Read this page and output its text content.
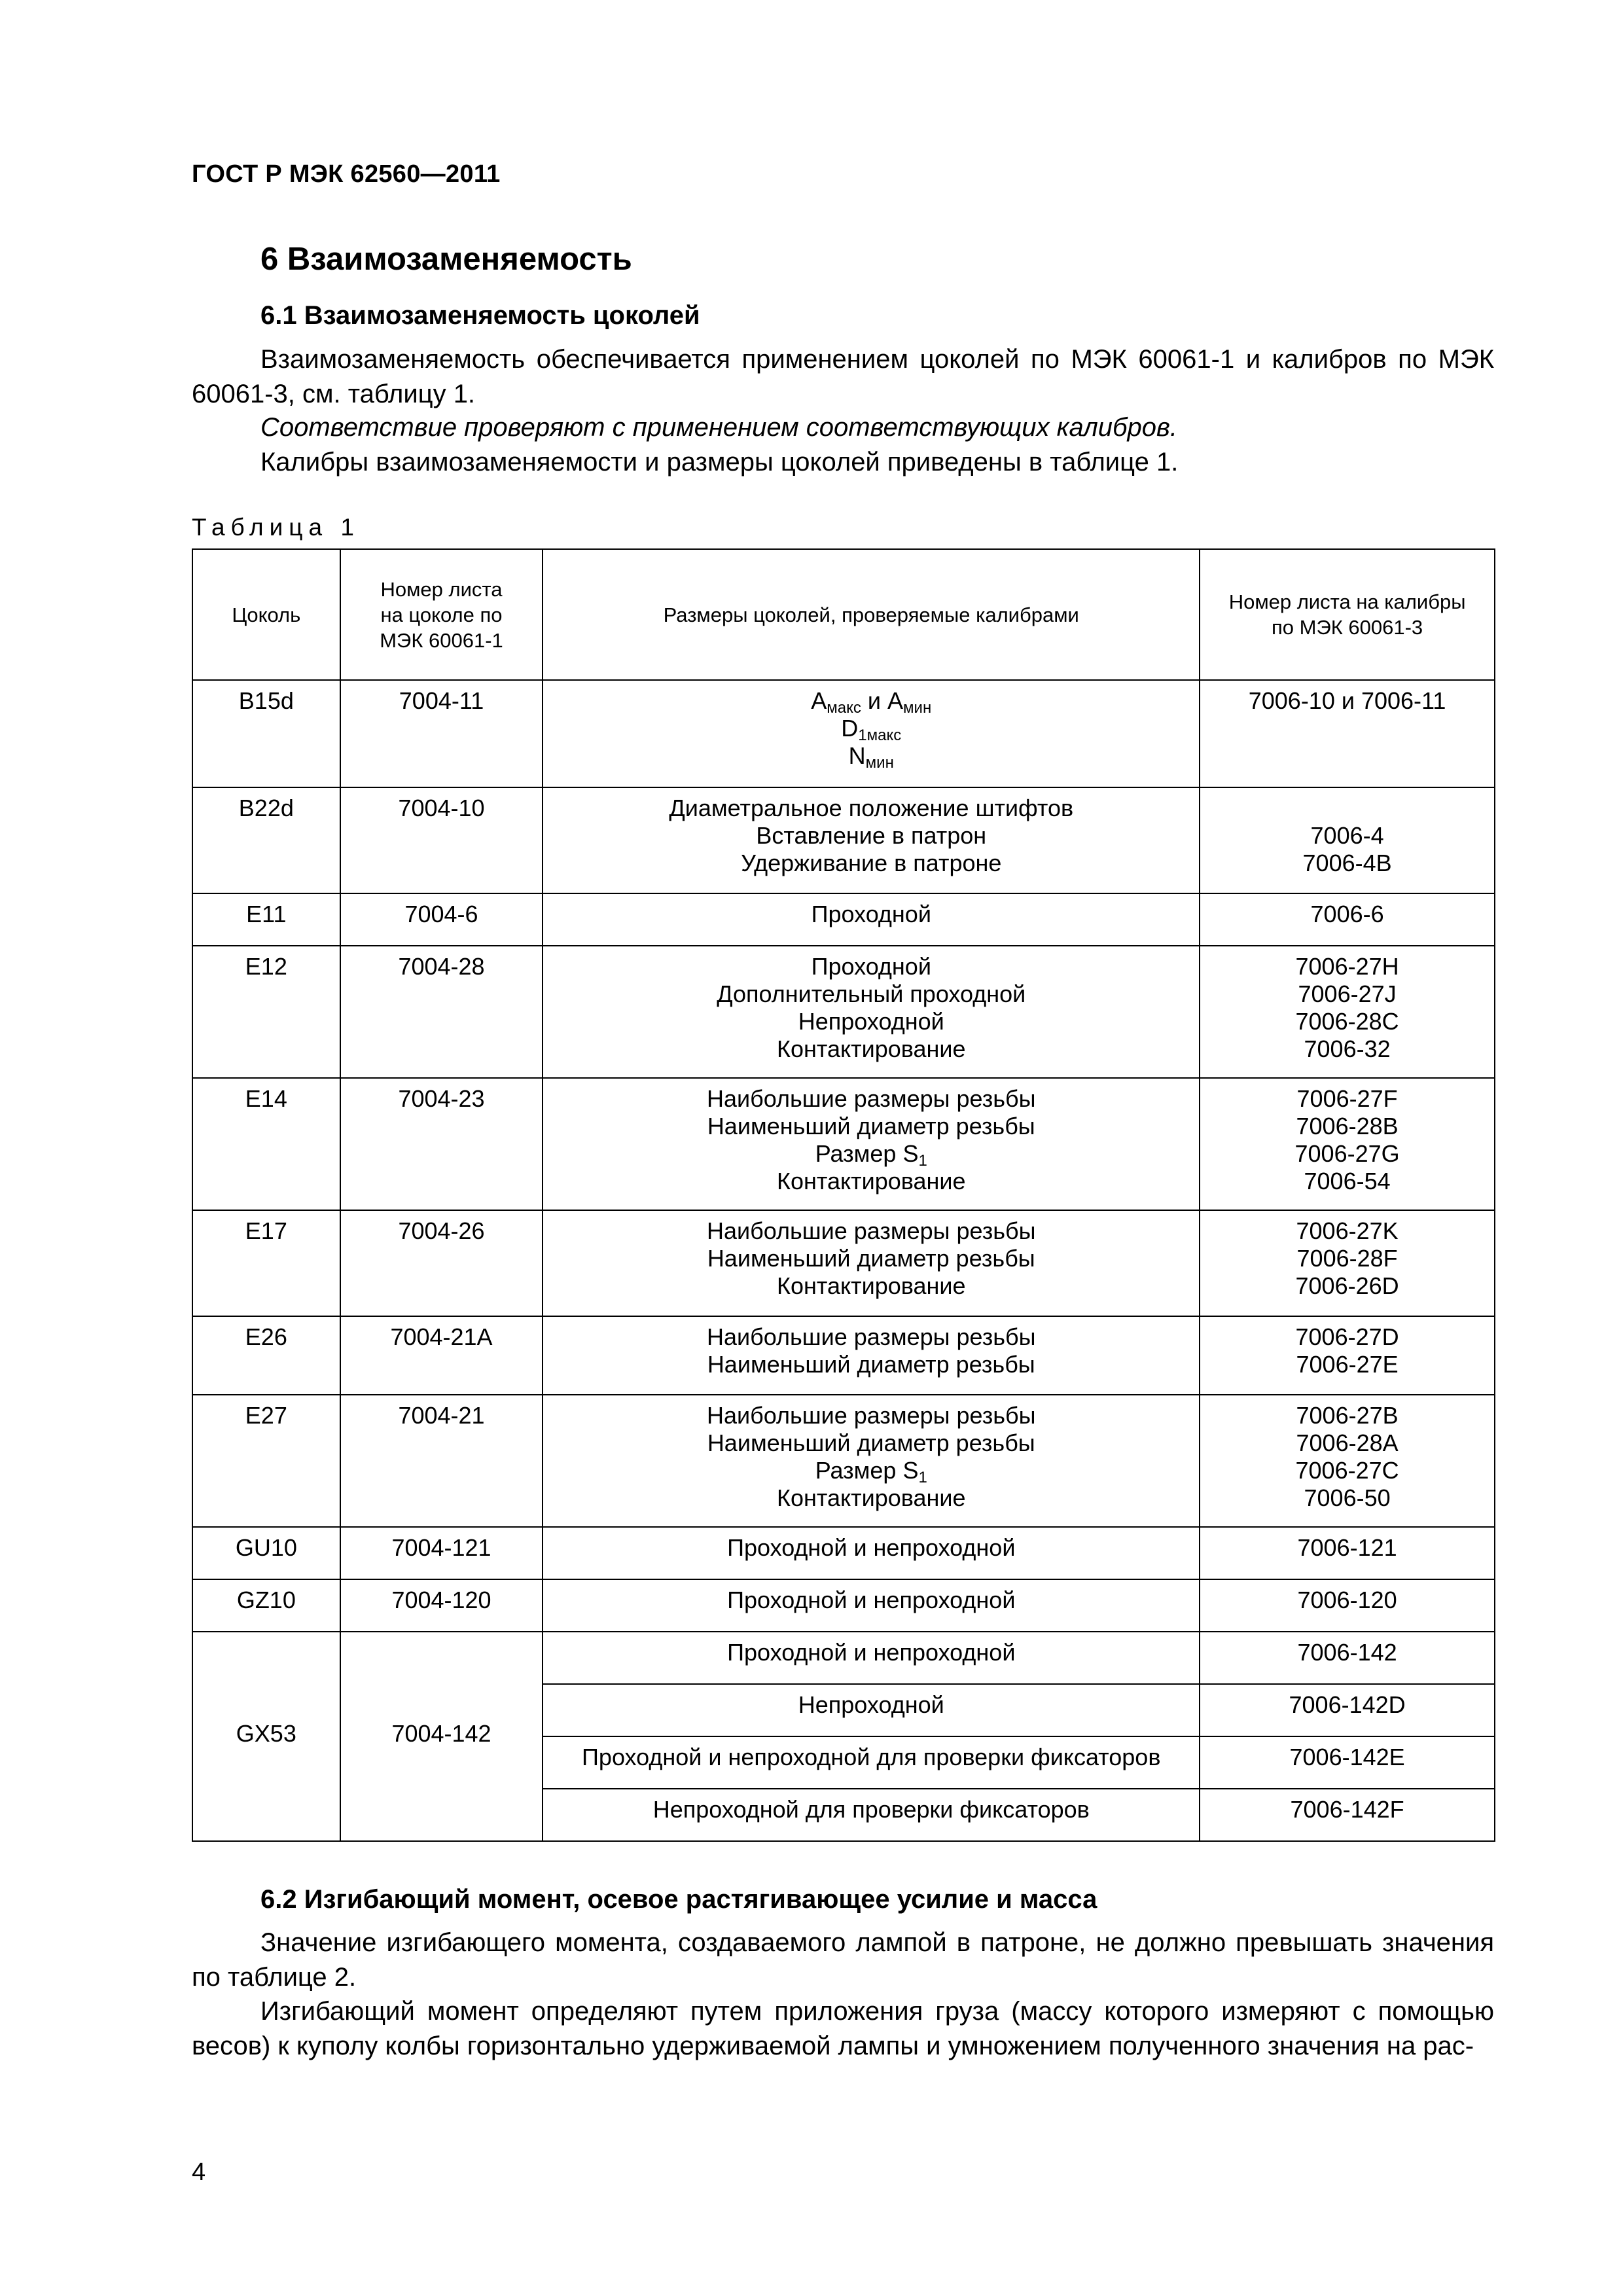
ГОСТ Р МЭК 62560—2011
6 Взаимозаменяемость
6.1 Взаимозаменяемость цоколей
Взаимозаменяемость обеспечивается применением цоколей по МЭК 60061-1 и калибров по МЭК 60061-3, см. таблицу 1.
Соответствие проверяют с применением соответствующих калибров.
Калибры взаимозаменяемости и размеры цоколей приведены в таблице 1.
Таблица 1
Цоколь	Номер листа
на цоколе по
МЭК 60061-1	Размеры цоколей, проверяемые калибрами	Номер листа на калибры
по МЭК 60061-3

B15d	7004-11	$A_{макс}$ и $A_{мин}$
$D_{1макс}$
$N_{мин}$	7006-10 и 7006-11
B22d	7004-10	Диаметральное положение штифтов
Вставление в патрон
Удерживание в патроне	7006-4
7006-4B

E11	7004-6	Проходной	7006-6
E12	7004-28	Проходной
Дополнительный проходной
Непроходной
Контактирование	7006-27H
7006-27J
7006-28C
7006-32

E14	7004-23	Наибольшие размеры резьбы
Наименьший диаметр резьбы
Размер $S_1$
Контактирование	7006-27F
7006-28B
7006-27G
7006-54

E17	7004-26	Наибольшие размеры резьбы
Наименьший диаметр резьбы
Контактирование	7006-27K
7006-28F
7006-26D

E26	7004-21A	Наибольшие размеры резьбы
Наименьший диаметр резьбы	7006-27D
7006-27E

E27	7004-21	Наибольшие размеры резьбы
Наименьший диаметр резьбы
Размер $S_1$
Контактирование	7006-27B
7006-28A
7006-27C
7006-50

GU10	7004-121	Проходной и непроходной	7006-121
GZ10	7004-120	Проходной и непроходной	7006-120
GX53	7004-142	Проходной и непроходной	7006-142
		Непроходной	7006-142D
		Проходной и непроходной для проверки фиксаторов	7006-142E
		Непроходной для проверки фиксаторов	7006-142F
6.2 Изгибающий момент, осевое растягивающее усилие и масса
Значение изгибающего момента, создаваемого лампой в патроне, не должно превышать значения по таблице 2.
Изгибающий момент определяют путем приложения груза (массу которого измеряют с помощью весов) к куполу колбы горизонтально удерживаемой лампы и умножением полученного значения на рас-
4
